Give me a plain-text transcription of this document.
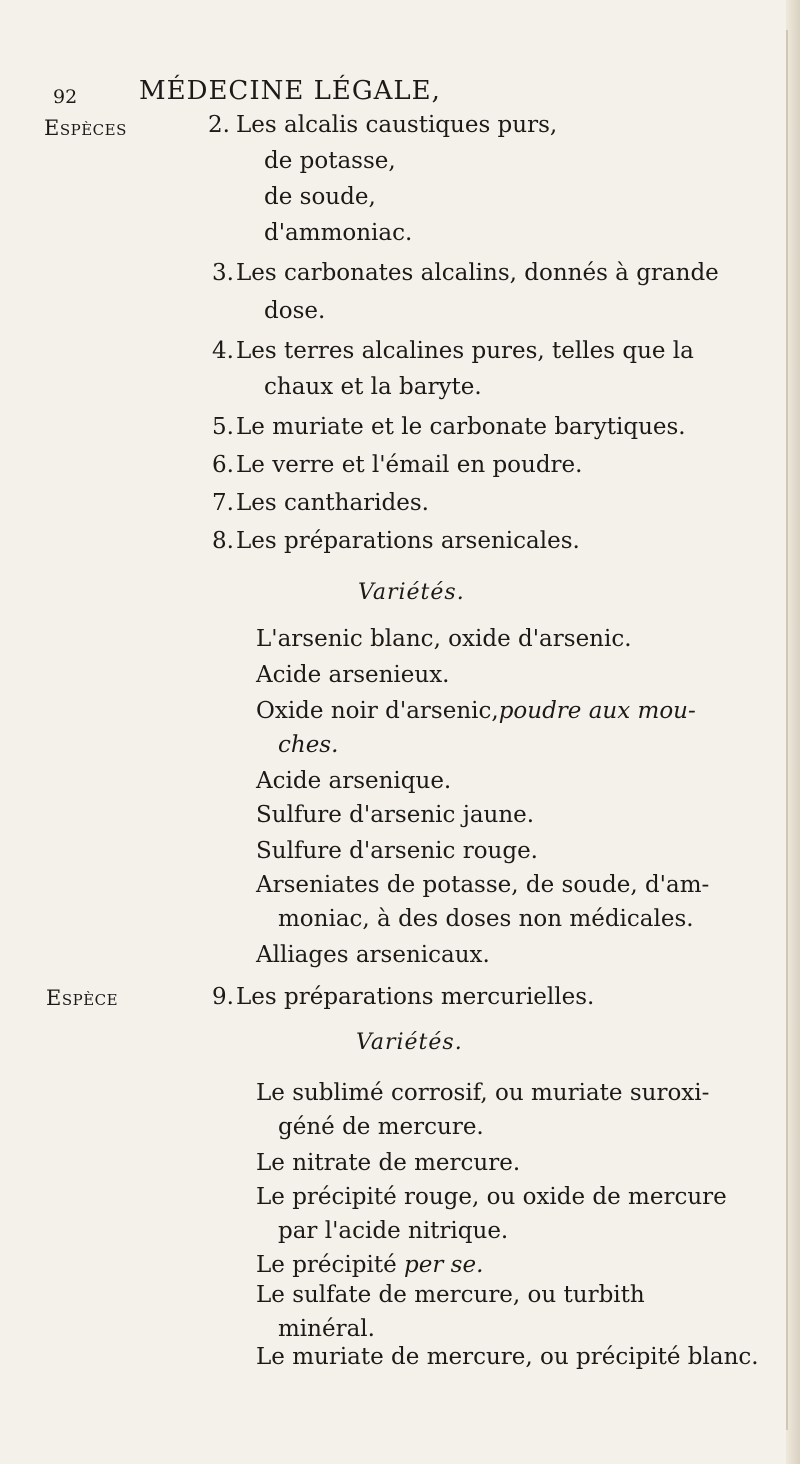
92 MÉDECINE LÉGALE,
Espèces	2. Les alcalis caustiques purs,
de potasse,
de soude,
d'ammoniac.
3. Les carbonates alcalins, donnés à grande
dose.
4. Les terres alcalines pures, telles que la
chaux et la baryte.
5. Le muriate et le carbonate barytiques.
6. Le verre et l'émail en poudre.
7. Les cantharides.
8. Les préparations arsenicales.
Variétés.
L'arsenic blanc, oxide d'arsenic.
Acide arsenieux.
Oxide noir d'arsenic,poudre aux mou-
ches.
Acide arsenique.
Sulfure d'arsenic jaune.
Sulfure d'arsenic rouge.
Arseniates de potasse, de soude, d'am-
moniac, à des doses non médicales.
Alliages arsenicaux.
Espèce	9. Les préparations mercurielles.
Variétés.
Le sublimé corrosif, ou muriate suroxi-
géné de mercure.
Le nitrate de mercure.
Le précipité rouge, ou oxide de mercure
par l'acide nitrique.
Le précipité per se.
Le sulfate de mercure, ou turbith
minéral.
Le muriate de mercure, ou précipité blanc.
